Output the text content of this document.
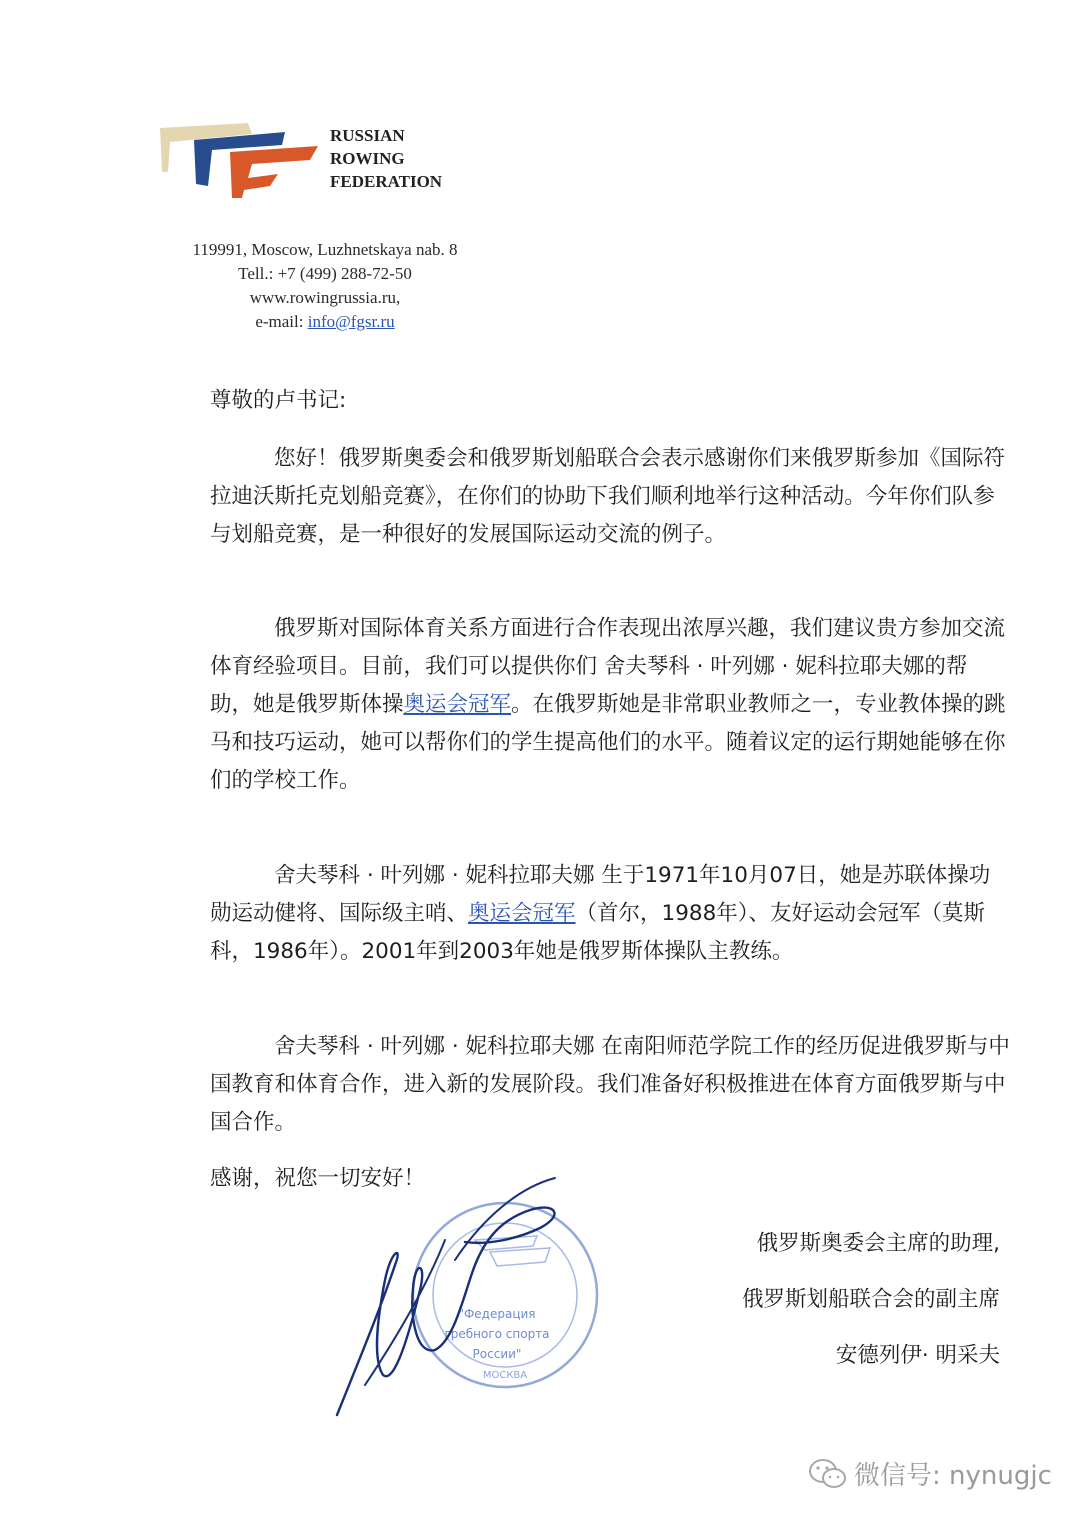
RUSSIAN
ROWING
FEDERATION
119991, Moscow, Luzhnetskaya nab. 8
Tell.: +7 (499) 288-72-50
www.rowingrussia.ru,
e-mail: info@fgsr.ru
尊敬的卢书记:

您好！俄罗斯奥委会和俄罗斯划船联合会表示感谢你们来俄罗斯参加《国际符拉迪沃斯托克划船竞赛》，在你们的协助下我们顺利地举行这种活动。今年你们队参与划船竞赛，是一种很好的发展国际运动交流的例子。

俄罗斯对国际体育关系方面进行合作表现出浓厚兴趣，我们建议贵方参加交流体育经验项目。目前，我们可以提供你们 舍夫琴科 · 叶列娜 · 妮科拉耶夫娜的帮助，她是俄罗斯体操奥运会冠军。在俄罗斯她是非常职业教师之一，专业教体操的跳马和技巧运动，她可以帮你们的学生提高他们的水平。随着议定的运行期她能够在你们的学校工作。

舍夫琴科 · 叶列娜 · 妮科拉耶夫娜 生于1971年10月07日，她是苏联体操功勋运动健将、国际级主哨、奥运会冠军（首尔，1988年）、友好运动会冠军（莫斯科，1986年）。2001年到2003年她是俄罗斯体操队主教练。

舍夫琴科 · 叶列娜 · 妮科拉耶夫娜 在南阳师范学院工作的经历促进俄罗斯与中国教育和体育合作，进入新的发展阶段。我们准备好积极推进在体育方面俄罗斯与中国合作。

感谢，祝您一切安好！
"Федерация
гребного спорта
России"
МОСКВА
俄罗斯奥委会主席的助理,
俄罗斯划船联合会的副主席
安德列伊· 明采夫
微信号: nynugjc
